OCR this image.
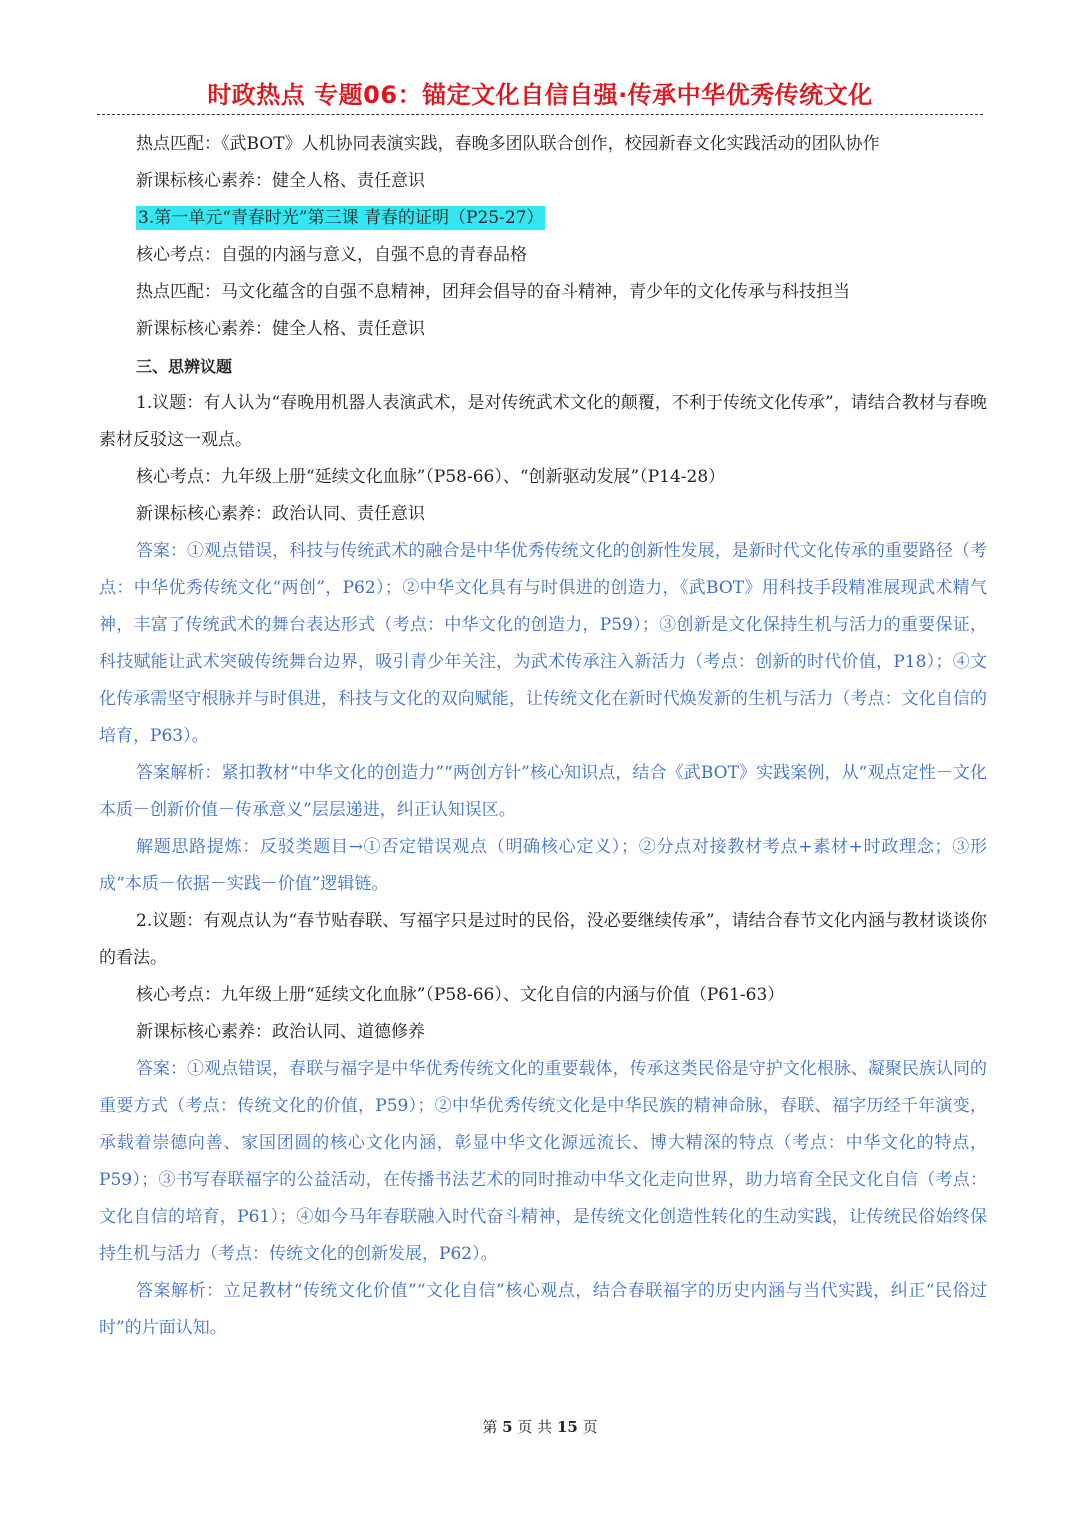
时政热点 专题06：锚定文化自信自强·传承中华优秀传统文化

热点匹配：《武BOT》人机协同表演实践，春晚多团队联合创作，校园新春文化实践活动的团队协作

新课标核心素养：健全人格、责任意识

3.第一单元“青春时光”第三课 青春的证明（P25-27）

核心考点：自强的内涵与意义，自强不息的青春品格

热点匹配：马文化蕴含的自强不息精神，团拜会倡导的奋斗精神，青少年的文化传承与科技担当

新课标核心素养：健全人格、责任意识

三、思辨议题

1.议题：有人认为“春晚用机器人表演武术，是对传统武术文化的颠覆，不利于传统文化传承”，请结合教材与春晚素材反驳这一观点。

核心考点：九年级上册“延续文化血脉”（P58-66）、“创新驱动发展”（P14-28）

新课标核心素养：政治认同、责任意识

答案：①观点错误，科技与传统武术的融合是中华优秀传统文化的创新性发展，是新时代文化传承的重要路径（考点：中华优秀传统文化“两创”，P62）；②中华文化具有与时俱进的创造力，《武BOT》用科技手段精准展现武术精气神，丰富了传统武术的舞台表达形式（考点：中华文化的创造力，P59）；③创新是文化保持生机与活力的重要保证，科技赋能让武术突破传统舞台边界，吸引青少年关注，为武术传承注入新活力（考点：创新的时代价值，P18）；④文化传承需坚守根脉并与时俱进，科技与文化的双向赋能，让传统文化在新时代焕发新的生机与活力（考点：文化自信的培育，P63）。

答案解析：紧扣教材“中华文化的创造力”“两创方针”核心知识点，结合《武BOT》实践案例，从“观点定性－文化本质－创新价值－传承意义”层层递进，纠正认知误区。

解题思路提炼：反驳类题目→①否定错误观点（明确核心定义）；②分点对接教材考点+素材+时政理念；③形成“本质－依据－实践－价值”逻辑链。

2.议题：有观点认为“春节贴春联、写福字只是过时的民俗，没必要继续传承”，请结合春节文化内涵与教材谈谈你的看法。

核心考点：九年级上册“延续文化血脉”（P58-66）、文化自信的内涵与价值（P61-63）

新课标核心素养：政治认同、道德修养

答案：①观点错误，春联与福字是中华优秀传统文化的重要载体，传承这类民俗是守护文化根脉、凝聚民族认同的重要方式（考点：传统文化的价值，P59）；②中华优秀传统文化是中华民族的精神命脉，春联、福字历经千年演变，承载着崇德向善、家国团圆的核心文化内涵，彰显中华文化源远流长、博大精深的特点（考点：中华文化的特点，P59）；③书写春联福字的公益活动，在传播书法艺术的同时推动中华文化走向世界，助力培育全民文化自信（考点：文化自信的培育，P61）；④如今马年春联融入时代奋斗精神，是传统文化创造性转化的生动实践，让传统民俗始终保持生机与活力（考点：传统文化的创新发展，P62）。

答案解析：立足教材“传统文化价值”“文化自信”核心观点，结合春联福字的历史内涵与当代实践，纠正“民俗过时”的片面认知。

第 5 页 共 15 页
